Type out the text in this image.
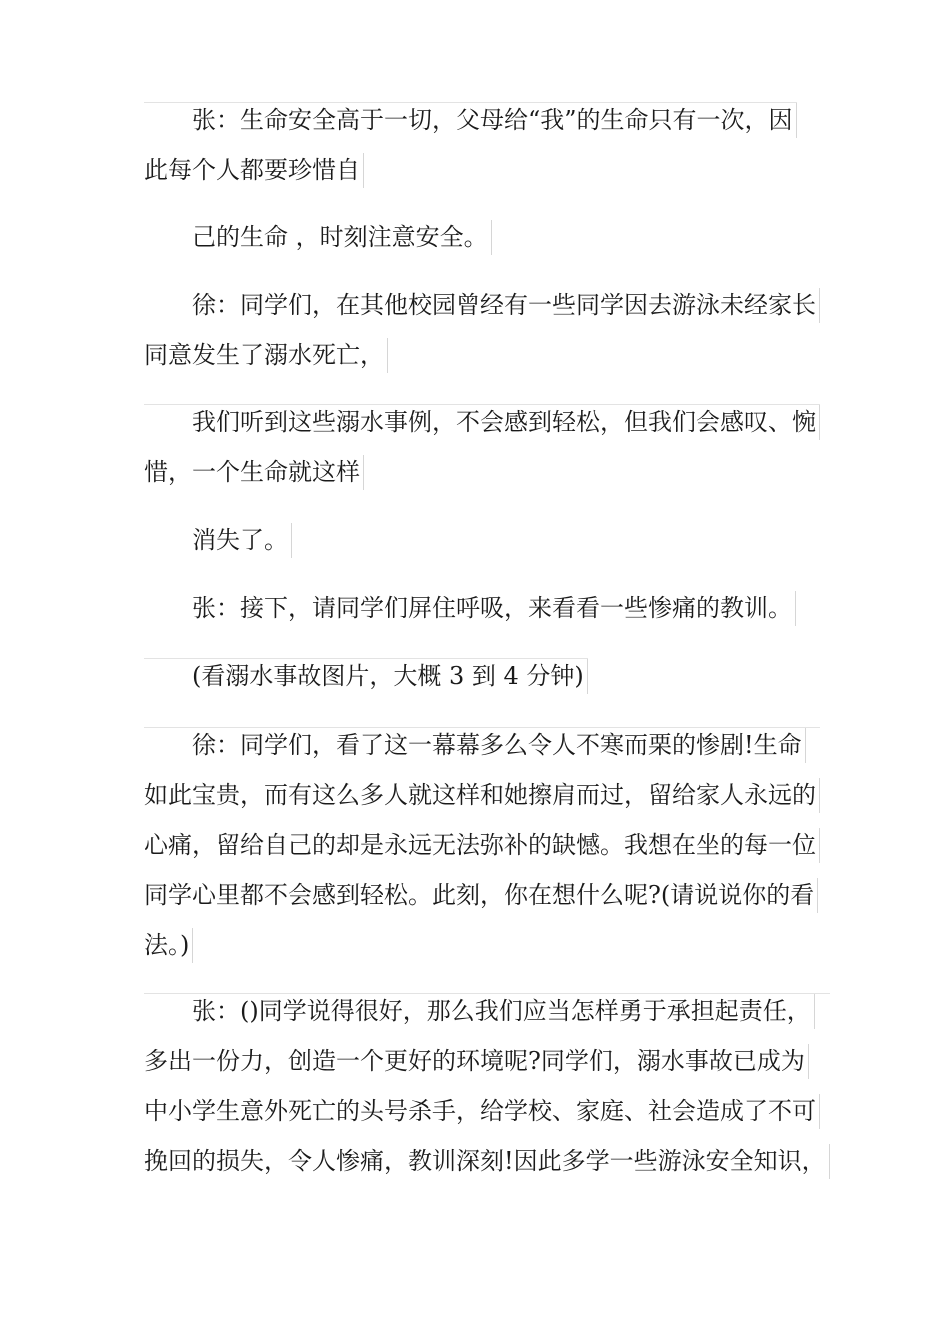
张：生命安全高于一切，父母给“我”的生命只有一次，因
此每个人都要珍惜自
己的生命 ，时刻注意安全。
徐：同学们，在其他校园曾经有一些同学因去游泳未经家长
同意发生了溺水死亡，
我们听到这些溺水事例，不会感到轻松，但我们会感叹、惋
惜，一个生命就这样
消失了。
张：接下，请同学们屏住呼吸，来看看一些惨痛的教训。
(看溺水事故图片，大概 3 到 4 分钟)
徐：同学们，看了这一幕幕多么令人不寒而栗的惨剧!生命
如此宝贵，而有这么多人就这样和她擦肩而过，留给家人永远的
心痛，留给自己的却是永远无法弥补的缺憾。我想在坐的每一位
同学心里都不会感到轻松。此刻，你在想什么呢?(请说说你的看
法。)
张：()同学说得很好，那么我们应当怎样勇于承担起责任，
多出一份力，创造一个更好的环境呢?同学们，溺水事故已成为
中小学生意外死亡的头号杀手，给学校、家庭、社会造成了不可
挽回的损失，令人惨痛，教训深刻!因此多学一些游泳安全知识，
